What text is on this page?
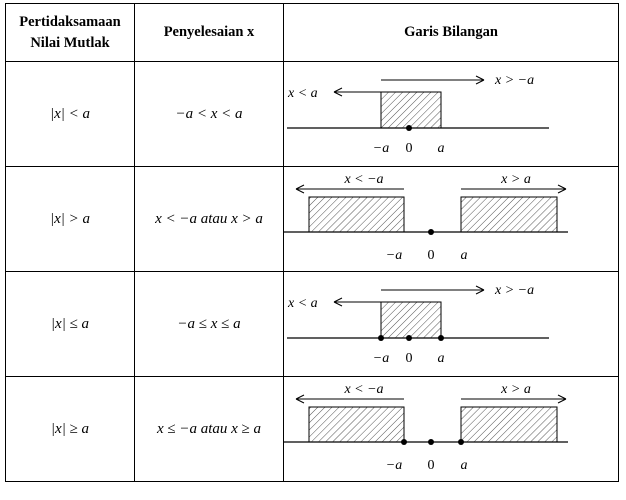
Pertidaksamaan
Nilai Mutlak	Penyelesaian x	Garis Bilangan
|x| < a	−a < x < a	x < a
x > −a
−a 0 a

|x| > a	x < −a atau x > a	x < −a x > a
−a 0 a

|x| ≤ a	−a ≤ x ≤ a	x < a
x > −a
−a 0 a

|x| ≥ a	x ≤ −a atau x ≥ a	x < −a x > a
−a 0 a
